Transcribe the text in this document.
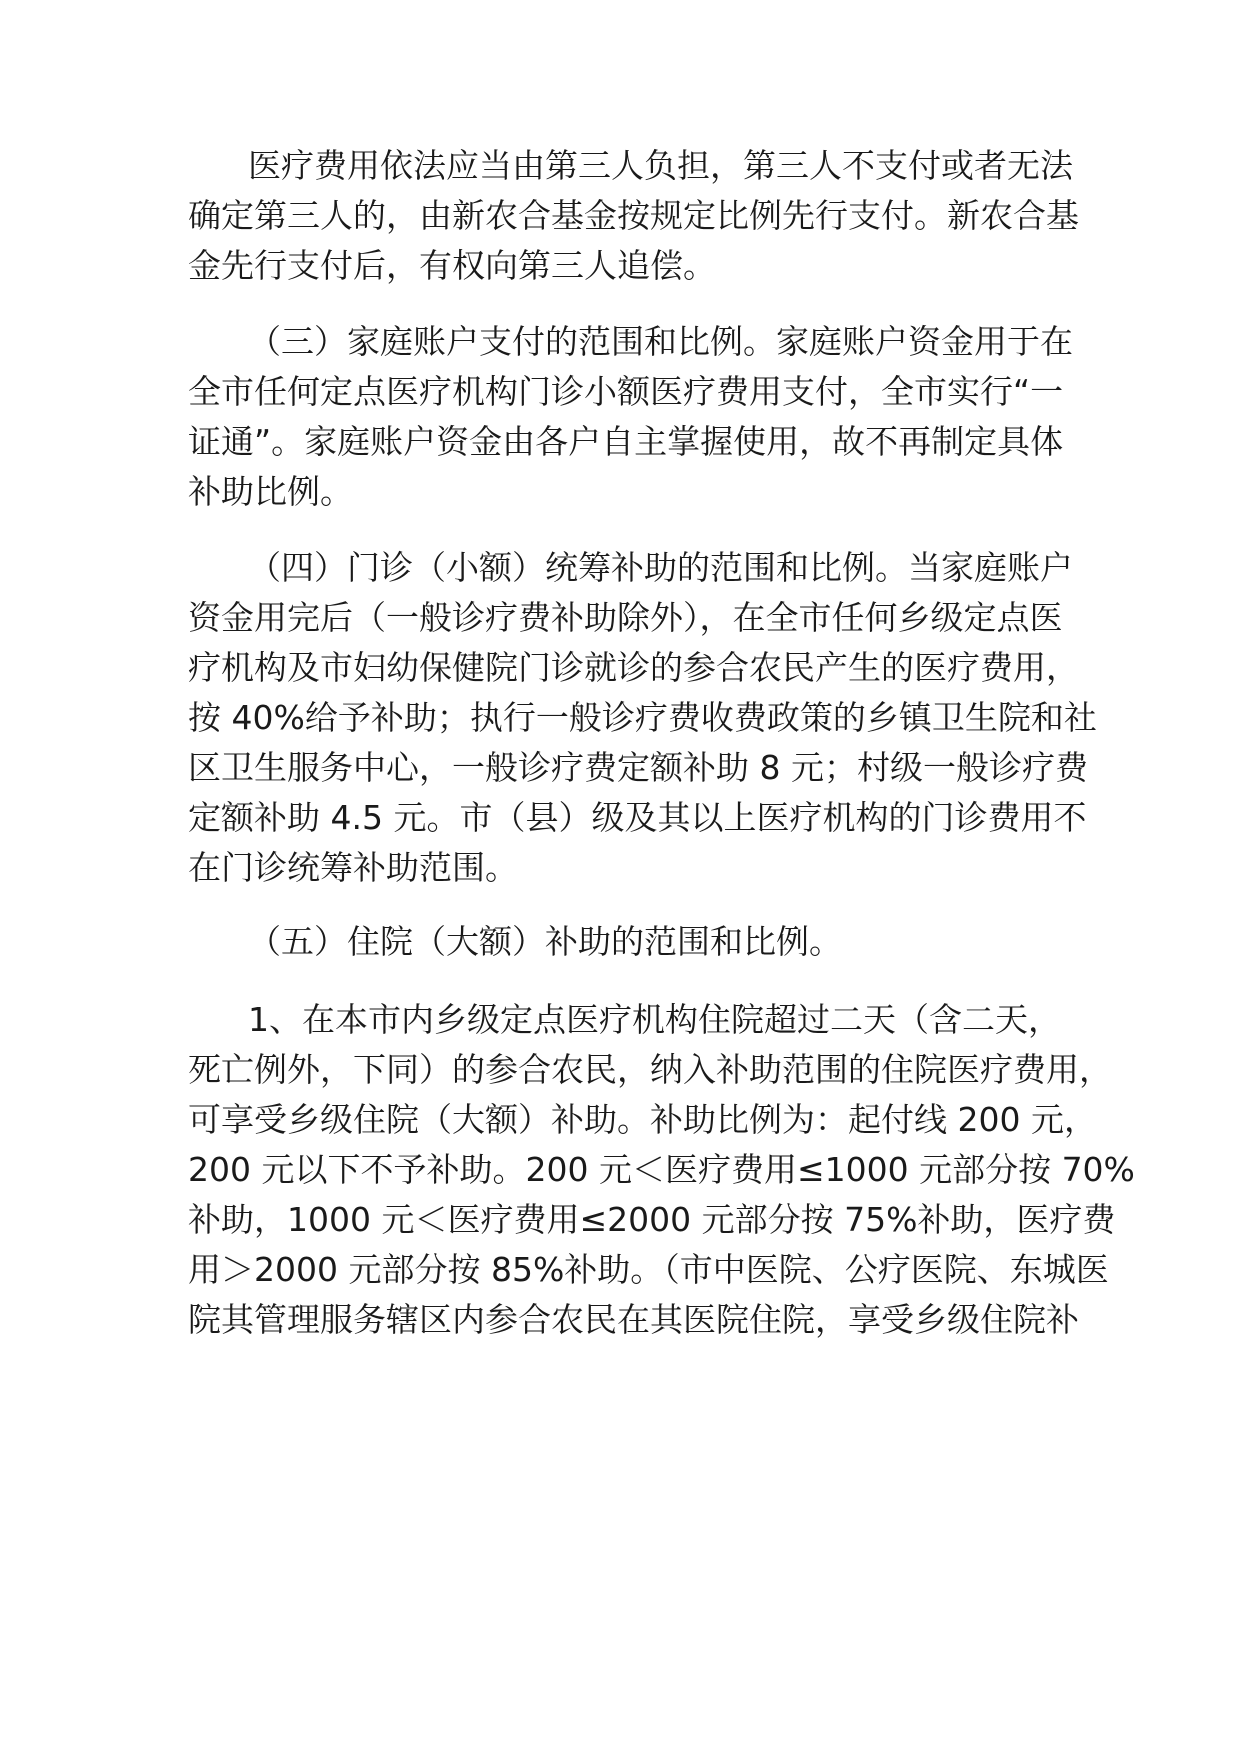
医疗费用依法应当由第三人负担，第三人不支付或者无法
确定第三人的，由新农合基金按规定比例先行支付。新农合基
金先行支付后，有权向第三人追偿。
（三）家庭账户支付的范围和比例。家庭账户资金用于在
全市任何定点医疗机构门诊小额医疗费用支付，全市实行“一
证通”。家庭账户资金由各户自主掌握使用，故不再制定具体
补助比例。
（四）门诊（小额）统筹补助的范围和比例。当家庭账户
资金用完后（一般诊疗费补助除外），在全市任何乡级定点医
疗机构及市妇幼保健院门诊就诊的参合农民产生的医疗费用，
按 40%给予补助；执行一般诊疗费收费政策的乡镇卫生院和社
区卫生服务中心，一般诊疗费定额补助 8 元；村级一般诊疗费
定额补助 4.5 元。市（县）级及其以上医疗机构的门诊费用不
在门诊统筹补助范围。
（五）住院（大额）补助的范围和比例。
1、在本市内乡级定点医疗机构住院超过二天（含二天，
死亡例外，下同）的参合农民，纳入补助范围的住院医疗费用，
可享受乡级住院（大额）补助。补助比例为：起付线 200 元，
200 元以下不予补助。200 元＜医疗费用≤1000 元部分按 70%
补助，1000 元＜医疗费用≤2000 元部分按 75%补助，医疗费
用＞2000 元部分按 85%补助。（市中医院、公疗医院、东城医
院其管理服务辖区内参合农民在其医院住院，享受乡级住院补
